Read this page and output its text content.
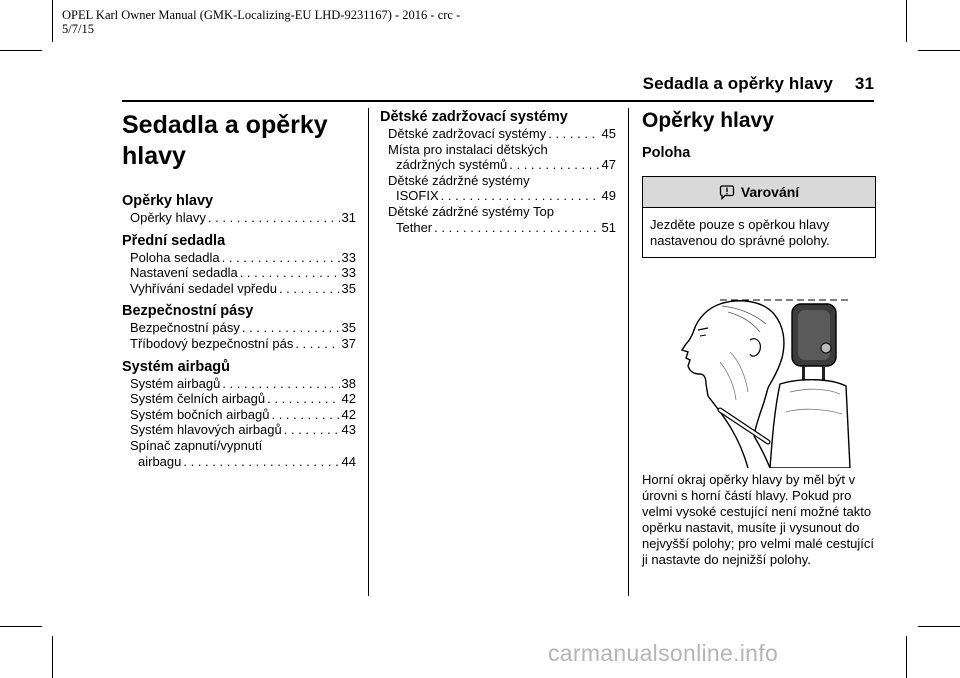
OPEL Karl Owner Manual (GMK-Localizing-EU LHD-9231167) - 2016 - crc -
5/7/15
Sedadla a opěrky hlavy 31
Sedadla a opěrky
hlavy
Opěrky hlavy
Opěrky hlavy . . .	31
Přední sedadla
Poloha sedadla . . .	33
Nastavení sedadla . . .	33
Vyhřívání sedadel vpředu . . .	35
Bezpečnostní pásy
Bezpečnostní pásy . . .	35
Tříbodový bezpečnostní pás . . .	37
Systém airbagů
Systém airbagů . . .	38
Systém čelních airbagů . . .	42
Systém bočních airbagů . . .	42
Systém hlavových airbagů . . .	43
Spínač zapnutí/vypnutí
airbagu . . .	44
Dětské zadržovací systémy
Dětské zadržovací systémy . . .	45
Místa pro instalaci dětských
zádržných systémů . . .	47
Dětské zádržné systémy
ISOFIX . . .	49
Dětské zádržné systémy Top
Tether . . .	51
Opěrky hlavy
Poloha
Varování
Jezděte pouze s opěrkou hlavy nastavenou do správné polohy.
Horní okraj opěrky hlavy by měl být v úrovni s horní částí hlavy. Pokud pro velmi vysoké cestující není možné takto opěrku nastavit, musíte ji vysunout do nejvyšší polohy; pro velmi malé cestující ji nastavte do nejnižší polohy.
carmanualsonline.info
